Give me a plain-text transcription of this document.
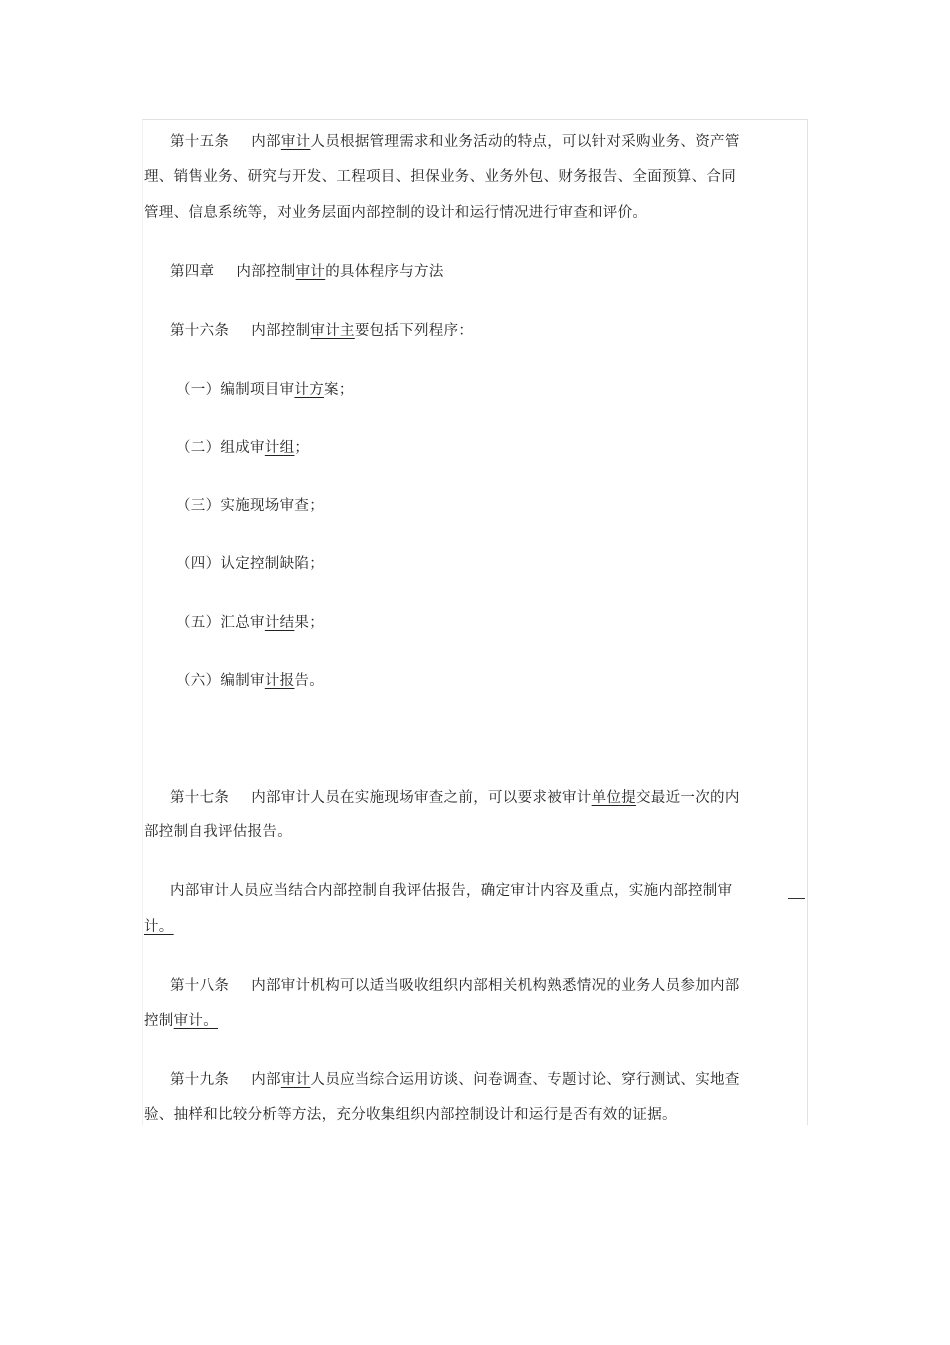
第十五条 内部审计人员根据管理需求和业务活动的特点，可以针对采购业务、资产管
理、销售业务、研究与开发、工程项目、担保业务、业务外包、财务报告、全面预算、合同
管理、信息系统等，对业务层面内部控制的设计和运行情况进行审查和评价。
第四章 内部控制审计的具体程序与方法
第十六条 内部控制审计主要包括下列程序：
（一）编制项目审计方案；
（二）组成审计组；
（三）实施现场审查；
（四）认定控制缺陷；
（五）汇总审计结果；
（六）编制审计报告。
第十七条 内部审计人员在实施现场审查之前，可以要求被审计单位提交最近一次的内
部控制自我评估报告。
内部审计人员应当结合内部控制自我评估报告，确定审计内容及重点，实施内部控制审
计。
第十八条 内部审计机构可以适当吸收组织内部相关机构熟悉情况的业务人员参加内部
控制审计。
第十九条 内部审计人员应当综合运用访谈、问卷调查、专题讨论、穿行测试、实地查
验、抽样和比较分析等方法，充分收集组织内部控制设计和运行是否有效的证据。
